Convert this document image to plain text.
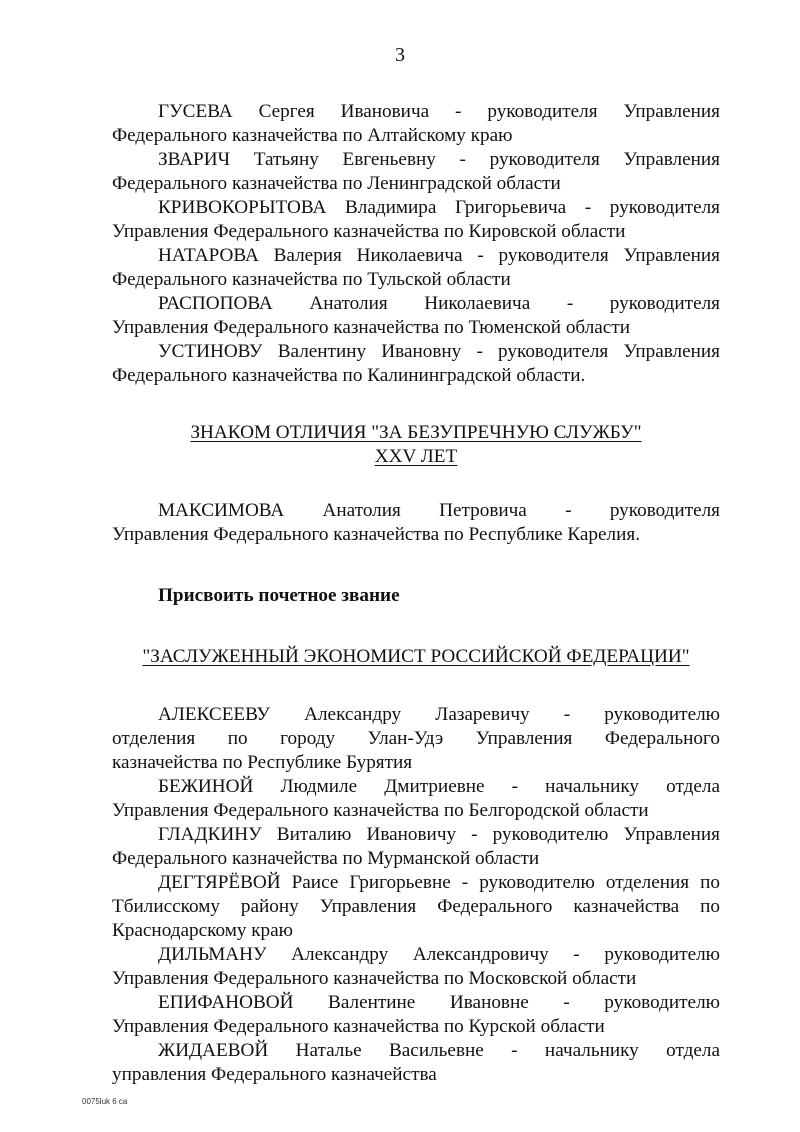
3
ГУСЕВА Сергея Ивановича - руководителя Управления
Федерального казначейства по Алтайскому краю
ЗВАРИЧ Татьяну Евгеньевну - руководителя Управления
Федерального казначейства по Ленинградской области
КРИВОКОРЫТОВА Владимира Григорьевича - руководителя
Управления Федерального казначейства по Кировской области
НАТАРОВА Валерия Николаевича - руководителя Управления
Федерального казначейства по Тульской области
РАСПОПОВА Анатолия Николаевича - руководителя
Управления Федерального казначейства по Тюменской области
УСТИНОВУ Валентину Ивановну - руководителя Управления
Федерального казначейства по Калининградской области.

ЗНАКОМ ОТЛИЧИЯ "ЗА БЕЗУПРЕЧНУЮ СЛУЖБУ"

XXV ЛЕТ

МАКСИМОВА Анатолия Петровича - руководителя
Управления Федерального казначейства по Республике Карелия.

Присвоить почетное звание

"ЗАСЛУЖЕННЫЙ ЭКОНОМИСТ РОССИЙСКОЙ ФЕДЕРАЦИИ"

АЛЕКСЕЕВУ Александру Лазаревичу - руководителю
отделения по городу Улан-Удэ Управления Федерального
казначейства по Республике Бурятия
БЕЖИНОЙ Людмиле Дмитриевне - начальнику отдела
Управления Федерального казначейства по Белгородской области
ГЛАДКИНУ Виталию Ивановичу - руководителю Управления
Федерального казначейства по Мурманской области
ДЕГТЯРЁВОЙ Раисе Григорьевне - руководителю отделения по
Тбилисскому району Управления Федерального казначейства по
Краснодарскому краю
ДИЛЬМАНУ Александру Александровичу - руководителю
Управления Федерального казначейства по Московской области
ЕПИФАНОВОЙ Валентине Ивановне - руководителю
Управления Федерального казначейства по Курской области
ЖИДАЕВОЙ Наталье Васильевне - начальнику отдела
управления Федерального казначейства
0075luk 6 ca
